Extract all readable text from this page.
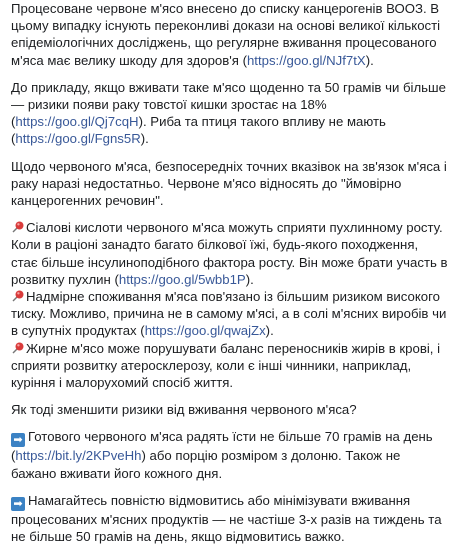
Процесоване червоне м'ясо внесено до списку канцерогенів ВООЗ. В цьому випадку існують переконливі докази на основі великої кількості епідеміологічних досліджень, що регулярне вживання процесованого м'яса має велику шкоду для здоров'я (https://goo.gl/NJf7tX).

До прикладу, якщо вживати таке м'ясо щоденно та 50 грамів чи більше — ризики появи раку товстої кишки зростає на 18% (https://goo.gl/Qj7cqH). Риба та птиця такого впливу не мають (https://goo.gl/Fgns5R).

Щодо червоного м'яса, безпосередніх точних вказівок на зв'язок м'яса і раку наразі недостатньо. Червоне м'ясо відносять до "ймовірно канцерогенних речовин".

Сіалові кислоти червоного м'яса можуть сприяти пухлинному росту. Коли в раціоні занадто багато білкової їжі, будь-якого походження, стає більше інсулиноподібного фактора росту. Він може брати участь в розвитку пухлин (https://goo.gl/5wbb1P).

Надмірне споживання м'яса пов'язано із більшим ризиком високого тиску. Можливо, причина не в самому м'ясі, а в солі м'ясних виробів чи в супутніх продуктах (https://goo.gl/qwajZx).

Жирне м'ясо може порушувати баланс переносників жирів в крові, і сприяти розвитку атеросклерозу, коли є інші чинники, наприклад, куріння і малорухомий спосіб життя.

Як тоді зменшити ризики від вживання червоного м'яса?

➡ Готового червоного м'яса радять їсти не більше 70 грамів на день (https://bit.ly/2KPveHh) або порцію розміром з долоню. Також не бажано вживати його кожного дня.

➡ Намагайтесь повністю відмовитись або мінімізувати вживання процесованих м'ясних продуктів — не частіше 3-х разів на тиждень та не більше 50 грамів на день, якщо відмовитись важко.
